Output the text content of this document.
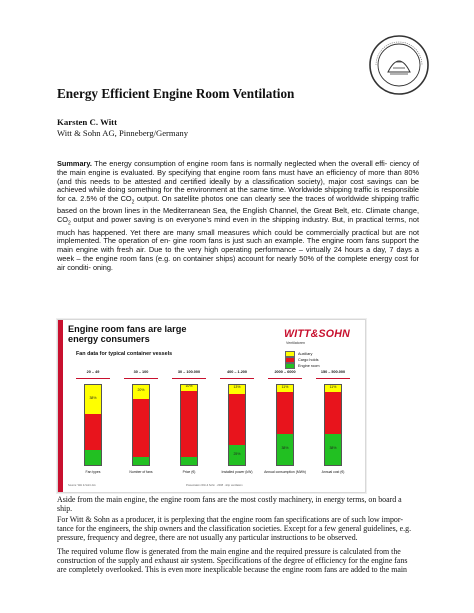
Energy Efficient Engine Room Ventilation
Karsten C. Witt
Witt & Sohn AG, Pinneberg/Germany
Summary. The energy consumption of engine room fans is normally neglected when the overall effi- ciency of the main engine is evaluated. By specifying that engine room fans must have an efficiency of more than 80% (and this needs to be attested and certified ideally by a classification society), major cost savings can be achieved while doing something for the environment at the same time. Worldwide shipping traffic is responsible for ca. 2.5% of the $CO_2$ output. On satellite photos one can clearly see the traces of worldwide shipping traffic based on the brown lines in the Mediterranean Sea, the English Channel, the Great Belt, etc. Climate change, $CO_2$ output and power saving is on everyone’s mind even in the shipping industry. But, in practical terms, not much has happened. Yet there are many small measures which could be commercially practical but are not implemented. The operation of en- gine room fans is just such an example. The engine room fans support the main engine with fresh air. Due to the very high operating performance – virtually 24 hours a day, 7 days a week – the engine room fans (e.g. on container ships) account for nearly 50% of the complete energy cost for air conditi- oning.
Engine room fans are large
energy consumers
Fan data for typical container vessels
WITT&SOHN
Ventilatoren
Auxiliary
Cargo holds
Engine room
20 – 49
38%
Fan types
30 – 100
20%
Number of fans
30 – 100.000
10%
Price (€)
400 – 1.200
25%
13%
Installed power (kW)
2000 – 6000
38%
11%
Annual consumption (MWh)
150 – 500.000
38%
11%
Annual cost (€)
Source: Witt & Sohn AG	Presentation Witt & Sohn · 2008 · ship ventilation
Aside from the main engine, the engine room fans are the most costly machinery, in energy terms, on board a
ship.
For Witt & Sohn as a producer, it is perplexing that the engine room fan specifications are of such low impor-
tance for the engineers, the ship owners and the classification societies. Except for a few general guidelines, e.g.
pressure, frequency and degree, there are not usually any particular instructions to be observed.
The required volume flow is generated from the main engine and the required pressure is calculated from the
construction of the supply and exhaust air system. Specifications of the degree of efficiency for the engine fans
are completely overlooked. This is even more inexplicable because the engine room fans are added to the main
